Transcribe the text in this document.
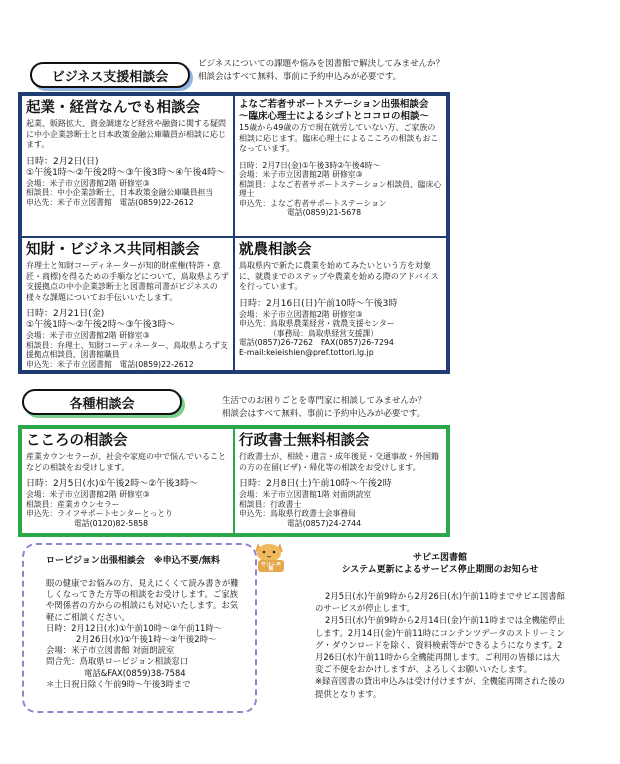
ビジネス支援相談会
ビジネスについての課題や悩みを図書館で解決してみませんか？
相談会はすべて無料、事前に予約申込みが必要です。
起業・経営なんでも相談会
起業、販路拡大、資金調達など経営や融資に関する疑問に中小企業診断士と日本政策金融公庫職員が相談に応じます。
日時：2月2日(日)
①午後1時～②午後2時～③午後3時～④午後4時～
会場：米子市立図書館2階 研修室③
相談員：中小企業診断士、日本政策金融公庫職員担当
申込先：米子市立図書館　電話(0859)22-2612
よなご若者サポートステーション出張相談会
～臨床心理士によるシゴトとココロの相談～
15歳から49歳の方で現在就労していない方、ご家族の相談に応じます。臨床心理士によるこころの相談もおこなっています。
日時：2月7日(金)①午後3時②午後4時～
会場：米子市立図書館2階 研修室③
相談員：よなご若者サポートステーション相談員、臨床心理士
申込先：よなご若者サポートステーション
電話(0859)21-5678
知財・ビジネス共同相談会
弁理士と知財コーディネーターが知的財産権(特許・意匠・商標)を得るための手順などについて、鳥取県よろず支援拠点の中小企業診断士と図書館司書がビジネスの様々な課題についてお手伝いいたします。
日時：2月21日(金)
①午後1時～②午後2時～③午後3時～
会場：米子市立図書館2階 研修室③
相談員：弁理士、知財コーディネーター、鳥取県よろず支援拠点相談員、図書館職員
申込先：米子市立図書館　電話(0859)22-2612
就農相談会
鳥取県内で新たに農業を始めてみたいという方を対象に、就農までのステップや農業を始める際のアドバイスを行っています。
日時：2月16日(日)午前10時～午後3時
会場：米子市立図書館2階 研修室③
申込先：鳥取県農業経営・就農支援センター
（事務局：鳥取県経営支援課）
電話(0857)26-7262　FAX(0857)26-7294
E-mail:keieishien@pref.tottori.lg.jp
各種相談会	生活でのお困りごとを専門家に相談してみませんか？
相談会はすべて無料、事前に予約申込みが必要です。
こころの相談会
産業カウンセラーが、社会や家庭の中で悩んでいることなどの相談をお受けします。
日時：2月5日(水)①午後2時～②午後3時～
会場：米子市立図書館2階 研修室③
相談員：産業カウンセラー
申込先：ライフサポートセンターとっとり
電話(0120)82-5858
行政書士無料相談会
行政書士が、相続・遺言・成年後見・交通事故・外国籍の方の在留(ビザ)・帰化等の相談をお受けします。
日時：2月8日(土)午前10時～午後2時
会場：米子市立図書館1階 対面朗読室
相談員：行政書士
申込先：鳥取県行政書士会事務局
電話(0857)24-2744
ロービジョン出張相談会　※申込不要/無料
眼の健康でお悩みの方、見えにくくて読み書きが難しくなってきた方等の相談をお受けします。ご家族や関係者の方からの相談にも対応いたします。お気軽にご相談ください。
日時：2月12日(水)①午前10時～②午前11時～
2月26日(水)①午後1時～②午後2時～
会場：米子市立図書館 対面朗読室
問合先：鳥取県ロービジョン相談窓口
電話&FAX(0859)38-7584
＊土日祝日除く午前9時～午後3時まで
ぜひご来館
サピエ図書館
システム更新によるサービス停止期間のお知らせ
2月5日(水)午前9時から2月26日(水)午前11時までサピエ図書館のサービスが停止します。
2月5日(水)午前9時から2月14日(金)午前11時までは全機能停止します。2月14日(金)午前11時にコンテンツデータのストリーミング・ダウンロードを除く、資料検索等ができるようになります。2月26日(水)午前11時から全機能再開します。ご利用の皆様には大変ご不便をおかけしますが、よろしくお願いいたします。
※録音図書の貸出申込みは受け付けますが、全機能再開された後の提供となります。
